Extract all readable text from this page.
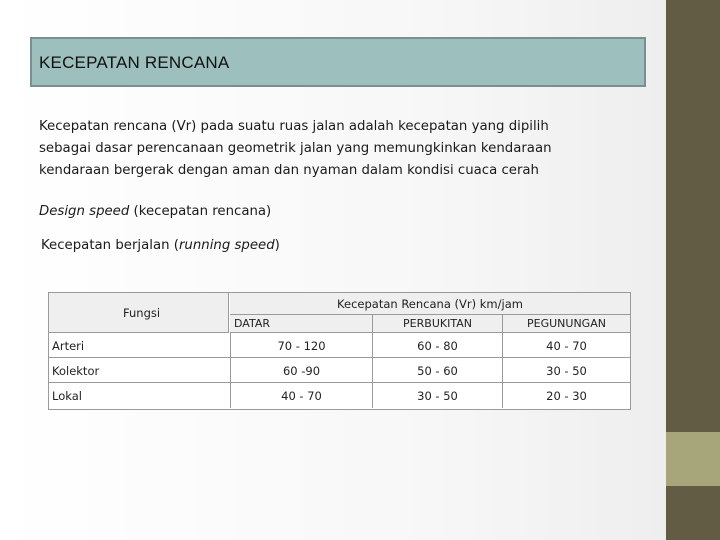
KECEPATAN RENCANA
Kecepatan rencana (Vr) pada suatu ruas jalan adalah kecepatan yang dipilih
sebagai dasar perencanaan geometrik jalan yang memungkinkan kendaraan
kendaraan bergerak dengan aman dan nyaman dalam kondisi cuaca cerah
Design speed (kecepatan rencana)
Kecepatan berjalan (running speed)
Fungsi
Kecepatan Rencana (Vr) km/jam
DATAR	PERBUKITAN	PEGUNUNGAN
Arteri	70 - 120	60 - 80	40 - 70
Kolektor	60 -90	50 - 60	30 - 50
Lokal	40 - 70	30 - 50	20 - 30
